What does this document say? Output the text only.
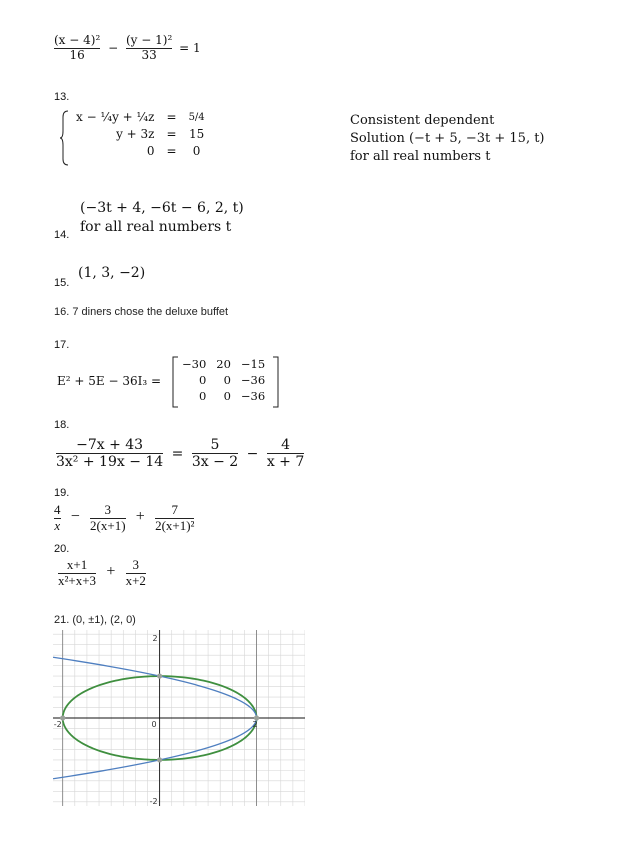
$\frac{\text{(x − 4)²}}{16} - \frac{\text{(y − 1)²}}{33} = 1$
13.
x − ¼y + ¼z	=	5/4
y + 3z	=	15
0	=	0
Consistent dependent
Solution (−t + 5, −3t + 15, t)
for all real numbers t
14.
(−3t + 4, −6t − 6, 2, t)
for all real numbers t
15.
(1, 3, −2)
16. 7 diners chose the deluxe buffet
17.
E² + 5E − 36I₃ =
−30	20	−15
0	0	−36
0	0	−36
18.
$\frac{-7x + 43}{\text{3x² + 19x − 14}} = \frac{5}{3x - 2} - \frac{4}{x + 7}$
19.
$\frac{4}{x} - \frac{3}{2(x+1)} + \frac{7}{\text{2(x+1)²}}$
20.
$\frac{x+1}{\text{x²+x+3}} + \frac{3}{x+2}$
21. (0, ±1), (2, 0)
-2	0	2
2
-2
